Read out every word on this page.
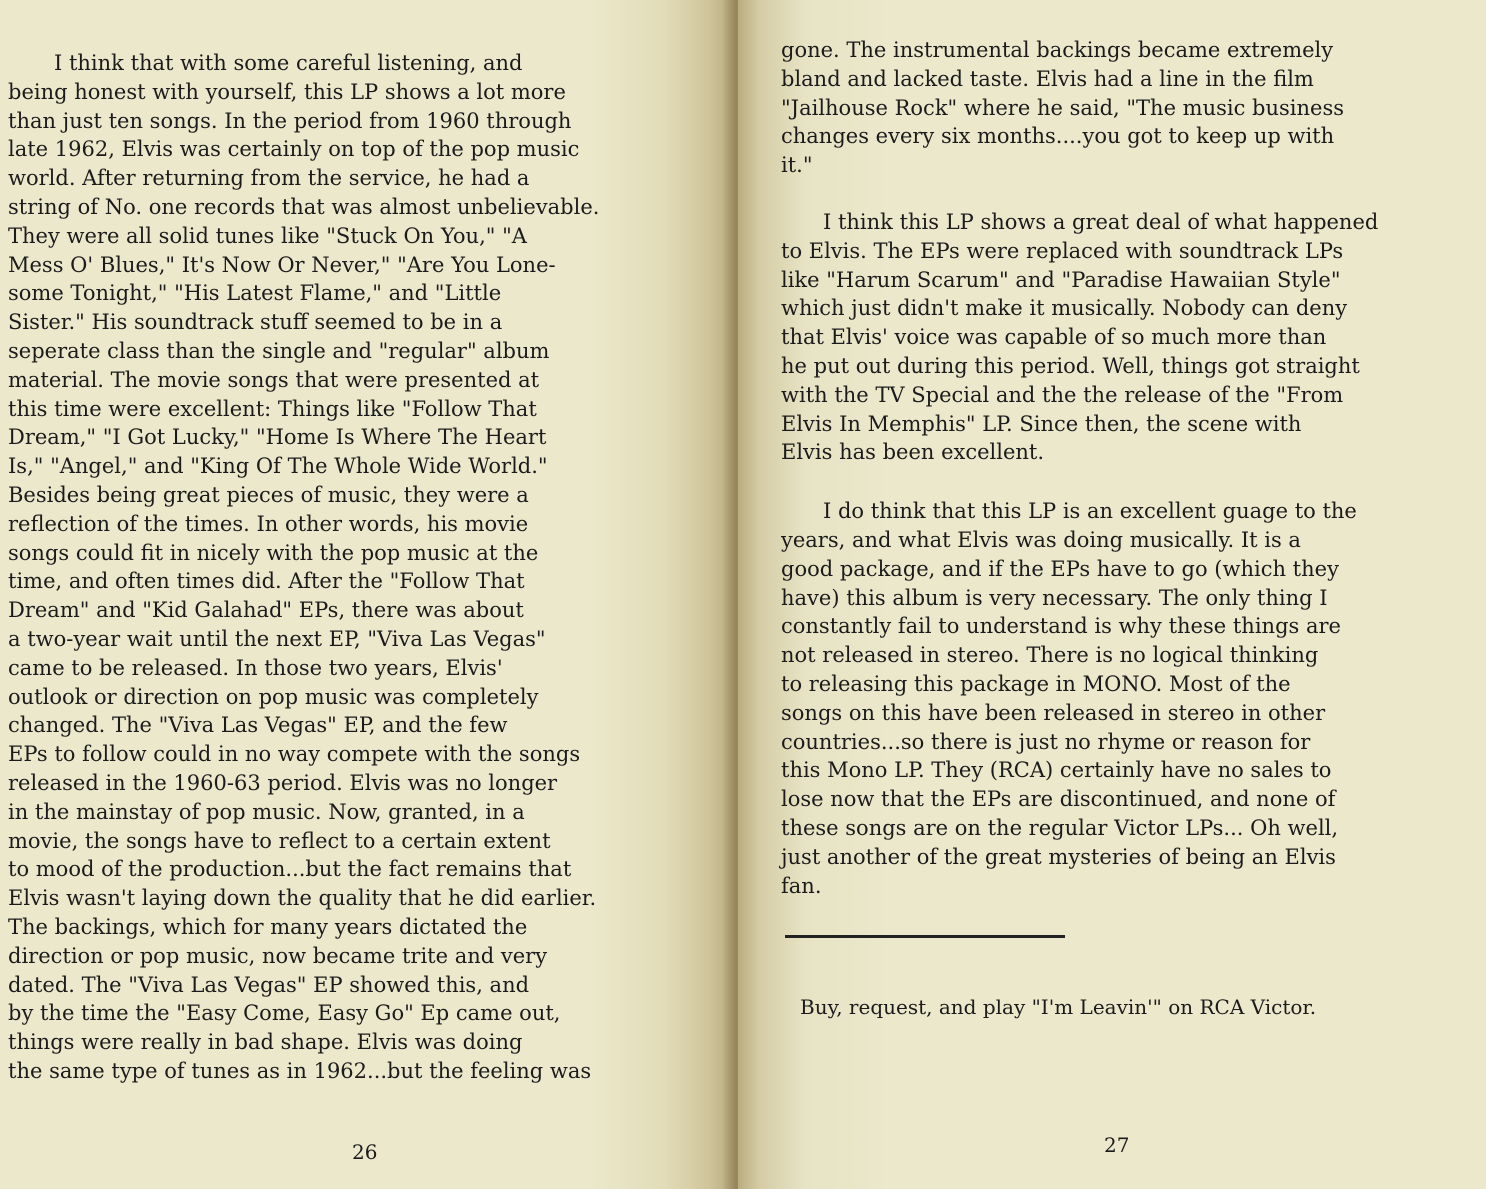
I think that with some careful listening, and
being honest with yourself, this LP shows a lot more
than just ten songs. In the period from 1960 through
late 1962, Elvis was certainly on top of the pop music
world. After returning from the service, he had a
string of No. one records that was almost unbelievable.
They were all solid tunes like "Stuck On You," "A
Mess O' Blues," It's Now Or Never," "Are You Lone-
some Tonight," "His Latest Flame," and "Little
Sister." His soundtrack stuff seemed to be in a
seperate class than the single and "regular" album
material. The movie songs that were presented at
this time were excellent: Things like "Follow That
Dream," "I Got Lucky," "Home Is Where The Heart
Is," "Angel," and "King Of The Whole Wide World."
Besides being great pieces of music, they were a
reflection of the times. In other words, his movie
songs could fit in nicely with the pop music at the
time, and often times did. After the "Follow That
Dream" and "Kid Galahad" EPs, there was about
a two-year wait until the next EP, "Viva Las Vegas"
came to be released. In those two years, Elvis'
outlook or direction on pop music was completely
changed. The "Viva Las Vegas" EP, and the few
EPs to follow could in no way compete with the songs
released in the 1960-63 period. Elvis was no longer
in the mainstay of pop music. Now, granted, in a
movie, the songs have to reflect to a certain extent
to mood of the production...but the fact remains that
Elvis wasn't laying down the quality that he did earlier.
The backings, which for many years dictated the
direction or pop music, now became trite and very
dated. The "Viva Las Vegas" EP showed this, and
by the time the "Easy Come, Easy Go" Ep came out,
things were really in bad shape. Elvis was doing
the same type of tunes as in 1962...but the feeling was

26

gone. The instrumental backings became extremely
bland and lacked taste. Elvis had a line in the film
"Jailhouse Rock" where he said, "The music business
changes every six months....you got to keep up with
it."

I think this LP shows a great deal of what happened
to Elvis. The EPs were replaced with soundtrack LPs
like "Harum Scarum" and "Paradise Hawaiian Style"
which just didn't make it musically. Nobody can deny
that Elvis' voice was capable of so much more than
he put out during this period. Well, things got straight
with the TV Special and the the release of the "From
Elvis In Memphis" LP. Since then, the scene with
Elvis has been excellent.

I do think that this LP is an excellent guage to the
years, and what Elvis was doing musically. It is a
good package, and if the EPs have to go (which they
have) this album is very necessary. The only thing I
constantly fail to understand is why these things are
not released in stereo. There is no logical thinking
to releasing this package in MONO. Most of the
songs on this have been released in stereo in other
countries...so there is just no rhyme or reason for
this Mono LP. They (RCA) certainly have no sales to
lose now that the EPs are discontinued, and none of
these songs are on the regular Victor LPs... Oh well,
just another of the great mysteries of being an Elvis
fan.

Buy, request, and play "I'm Leavin'" on RCA Victor.
27
